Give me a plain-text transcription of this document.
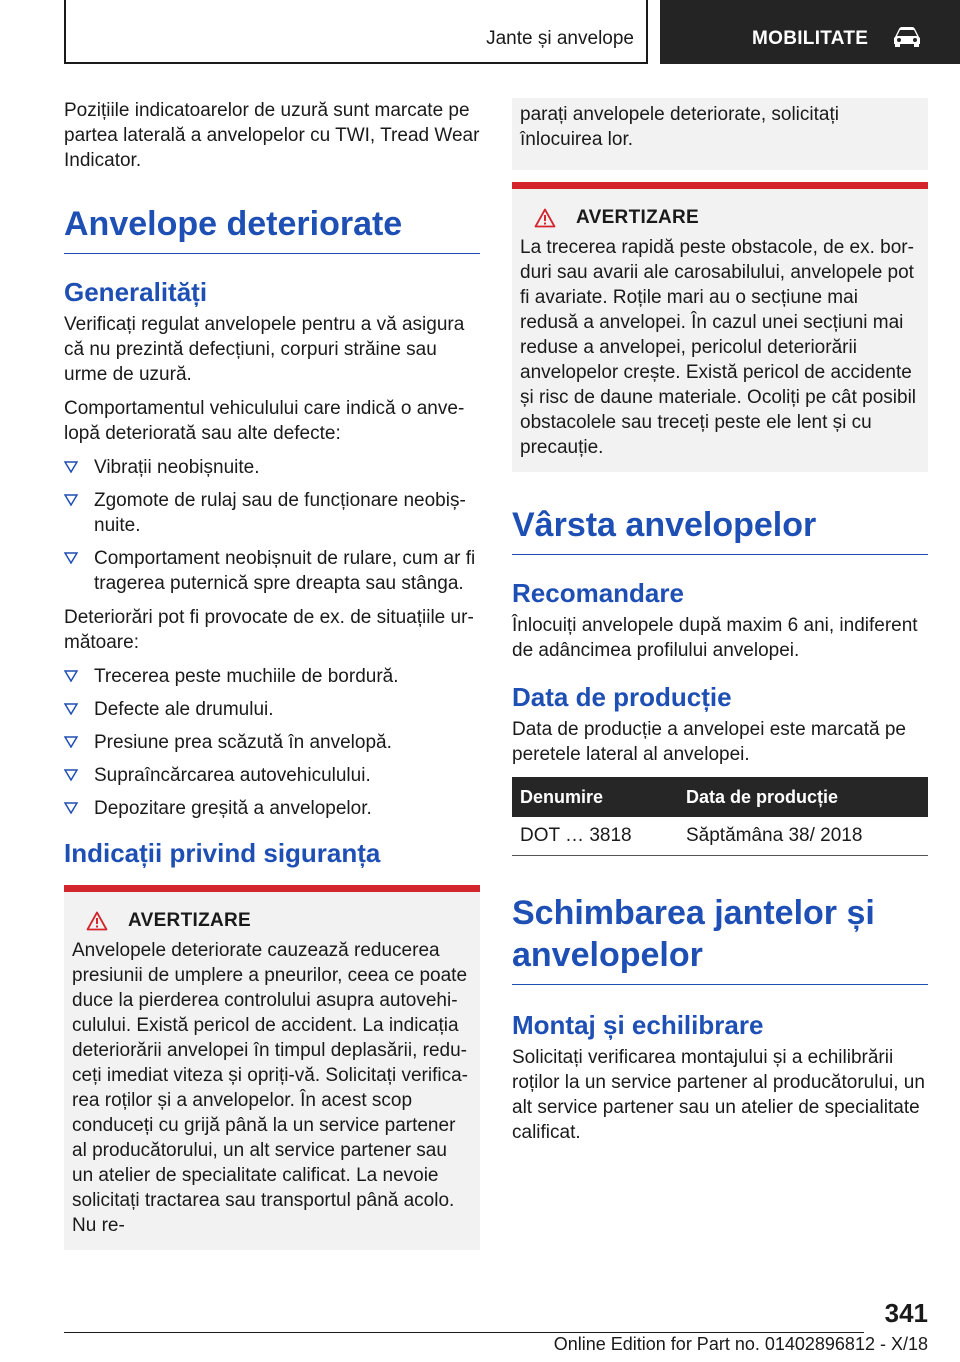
Jante și anvelope	MOBILITATE

Pozițiile indicatoarelor de uzură sunt marcate pe partea laterală a anvelopelor cu TWI, Tread Wear Indicator.

Anvelope deteriorate
Generalități

Verificați regulat anvelopele pentru a vă asigura că nu prezintă defecțiuni, corpuri străine sau urme de uzură.

Comportamentul vehiculului care indică o anvelopă deteriorată sau alte defecte:

Vibrații neobișnuite.
Zgomote de rulaj sau de funcționare neobișnuite.
Comportament neobișnuit de rulare, cum ar fi tragerea puternică spre dreapta sau stânga.

Deteriorări pot fi provocate de ex. de situațiile următoare:

Trecerea peste muchiile de bordură.
Defecte ale drumului.
Presiune prea scăzută în anvelopă.
Supraîncărcarea autovehiculului.
Depozitare greșită a anvelopelor.
Indicații privind siguranța
AVERTIZARE

Anvelopele deteriorate cauzează reducerea presiunii de umplere a pneurilor, ceea ce poate duce la pierderea controlului asupra autovehiculului. Există pericol de accident. La indicația deteriorării anvelopei în timpul deplasării, reduceți imediat viteza și opriți-vă. Solicitați verificarea roților și a anvelopelor. În acest scop conduceți cu grijă până la un service partener al producătorului, un alt service partener sau un atelier de specialitate calificat. La nevoie solicitați tractarea sau transportul până acolo. Nu re-

parați anvelopele deteriorate, solicitați înlocuirea lor.

AVERTIZARE

La trecerea rapidă peste obstacole, de ex. borduri sau avarii ale carosabilului, anvelopele pot fi avariate. Roțile mari au o secțiune mai redusă a anvelopei. În cazul unei secțiuni mai reduse a anvelopei, pericolul deteriorării anvelopelor crește. Există pericol de accidente și risc de daune materiale. Ocoliți pe cât posibil obstacolele sau treceți peste ele lent și cu precauție.

Vârsta anvelopelor
Recomandare

Înlocuiți anvelopele după maxim 6 ani, indiferent de adâncimea profilului anvelopei.

Data de producție

Data de producție a anvelopei este marcată pe peretele lateral al anvelopei.

Denumire	Data de producție
DOT … 3818	Săptămâna 38/ 2018
Schimbarea jantelor și anvelopelor
Montaj și echilibrare

Solicitați verificarea montajului și a echilibrării roților la un service partener al producătorului, un alt service partener sau un atelier de specialitate calificat.

341
Online Edition for Part no. 01402896812 - X/18
